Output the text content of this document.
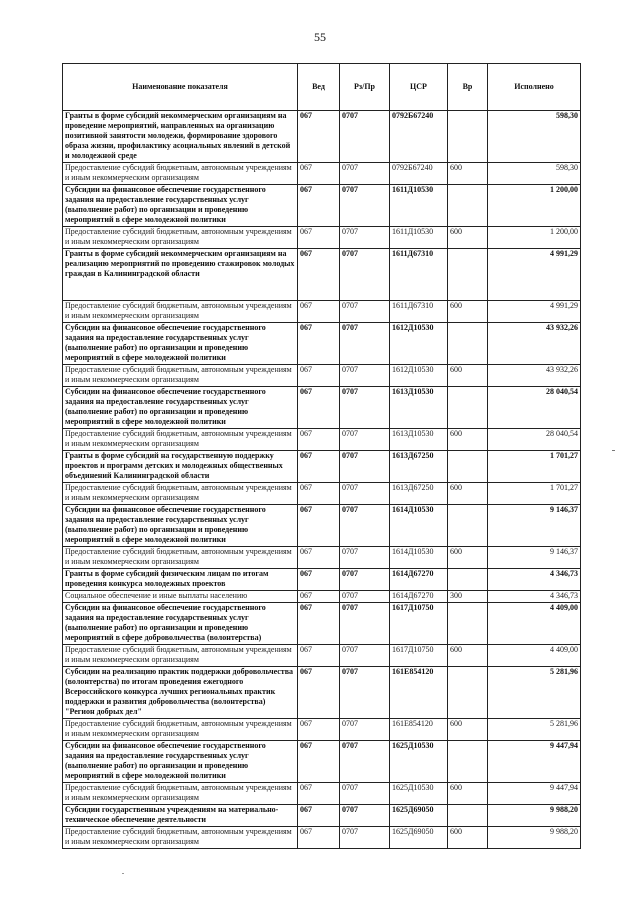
55
Наименование показателя	Вед	Рз/Пр	ЦСР	Вр	Исполнено
Гранты в форме субсидий некоммерческим организациям на проведение мероприятий, направленных на организацию позитивной занятости молодежи, формирование здорового образа жизни, профилактику асоциальных явлений в детской и молодежной среде	067	0707	0792Б67240		598,30
Предоставление субсидий бюджетным, автономным учреждениям и иным некоммерческим организациям	067	0707	0792Б67240	600	598,30
Субсидии на финансовое обеспечение государственного задания на предоставление государственных услуг (выполнение работ) по организации и проведению мероприятий в сфере молодежной политики	067	0707	1611Д10530		1 200,00
Предоставление субсидий бюджетным, автономным учреждениям и иным некоммерческим организациям	067	0707	1611Д10530	600	1 200,00
Гранты в форме субсидий некоммерческим организациям на реализацию мероприятий по проведению стажировок молодых граждан в Калининградской области	067	0707	1611Д67310		4 991,29
Предоставление субсидий бюджетным, автономным учреждениям и иным некоммерческим организациям	067	0707	1611Д67310	600	4 991,29
Субсидии на финансовое обеспечение государственного задания на предоставление государственных услуг (выполнение работ) по организации и проведению мероприятий в сфере молодежной политики	067	0707	1612Д10530		43 932,26
Предоставление субсидий бюджетным, автономным учреждениям и иным некоммерческим организациям	067	0707	1612Д10530	600	43 932,26
Субсидии на финансовое обеспечение государственного задания на предоставление государственных услуг (выполнение работ) по организации и проведению мероприятий в сфере молодежной политики	067	0707	1613Д10530		28 040,54
Предоставление субсидий бюджетным, автономным учреждениям и иным некоммерческим организациям	067	0707	1613Д10530	600	28 040,54
Гранты в форме субсидий на государственную поддержку проектов и программ детских и молодежных общественных объединений Калининградской области	067	0707	1613Д67250		1 701,27
Предоставление субсидий бюджетным, автономным учреждениям и иным некоммерческим организациям	067	0707	1613Д67250	600	1 701,27
Субсидии на финансовое обеспечение государственного задания на предоставление государственных услуг (выполнение работ) по организации и проведению мероприятий в сфере молодежной политики	067	0707	1614Д10530		9 146,37
Предоставление субсидий бюджетным, автономным учреждениям и иным некоммерческим организациям	067	0707	1614Д10530	600	9 146,37
Гранты в форме субсидий физическим лицам по итогам проведения конкурса молодежных проектов	067	0707	1614Д67270		4 346,73
Социальное обеспечение и иные выплаты населению	067	0707	1614Д67270	300	4 346,73
Субсидии на финансовое обеспечение государственного задания на предоставление государственных услуг (выполнение работ) по организации и проведению мероприятий в сфере добровольчества (волонтерства)	067	0707	1617Д10750		4 409,00
Предоставление субсидий бюджетным, автономным учреждениям и иным некоммерческим организациям	067	0707	1617Д10750	600	4 409,00
Субсидии на реализацию практик поддержки добровольчества (волонтерства) по итогам проведения ежегодного Всероссийского конкурса лучших региональных практик поддержки и развития добровольчества (волонтерства) "Регион добрых дел"	067	0707	161E854120		5 281,96
Предоставление субсидий бюджетным, автономным учреждениям и иным некоммерческим организациям	067	0707	161E854120	600	5 281,96
Субсидии на финансовое обеспечение государственного задания на предоставление государственных услуг (выполнение работ) по организации и проведению мероприятий в сфере молодежной политики	067	0707	1625Д10530		9 447,94
Предоставление субсидий бюджетным, автономным учреждениям и иным некоммерческим организациям	067	0707	1625Д10530	600	9 447,94
Субсидии государственным учреждениям на материально-техническое обеспечение деятельности	067	0707	1625Д69050		9 988,20
Предоставление субсидий бюджетным, автономным учреждениям и иным некоммерческим организациям	067	0707	1625Д69050	600	9 988,20
